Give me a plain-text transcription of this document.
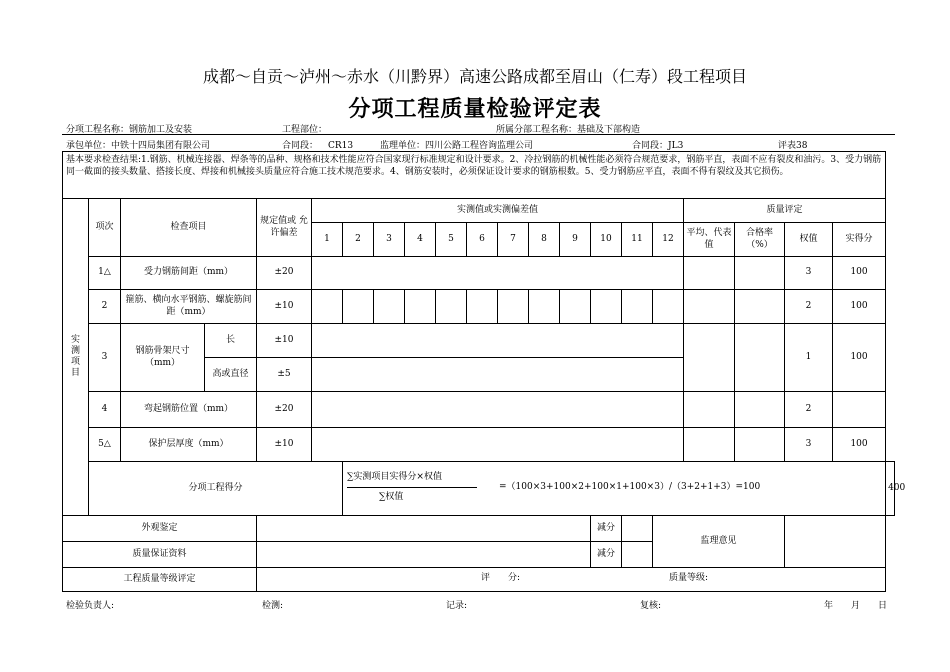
成都～自贡～泸州～赤水（川黔界）高速公路成都至眉山（仁寿）段工程项目
分项工程质量检验评定表
分项工程名称：钢筋加工及安装	工程部位：	所属分部工程名称：基础及下部构造
承包单位：中铁十四局集团有限公司	合同段： CR13	监理单位：四川公路工程咨询监理公司	合同段：JL3	评表38
基本要求检查结果:1.钢筋、机械连接器、焊条等的品种、规格和技术性能应符合国家现行标准规定和设计要求。2、冷拉钢筋的机械性能必须符合规范要求，钢筋平直，表面不应有裂皮和油污。3、受力钢筋同一截面的接头数量、搭接长度、焊接和机械接头质量应符合施工技术规范要求。4、钢筋安装时，必须保证设计要求的钢筋根数。5、受力钢筋应平直，表面不得有裂纹及其它损伤。																					
实
测
项
目	项次	检查项目		规定值或 允许偏差	实测值或实测偏差值												质量评定				
					1	2	3	4	5	6	7	8	9	10	11	12	平均、代表值	合格率（%）	权值	实得分	
	1△	受力钢筋间距（mm）		±20															3	100	
	2	箍筋、横向水平钢筋、螺旋筋间距（mm）		±10															2	100	
	3	钢筋骨架尺寸（mm）	长	±10															1	100	
			高或直径	±5																	
	4	弯起钢筋位置（mm）		±20															2		
	5△	保护层厚度（mm）		±10															3	100	
	分项工程得分					∑实测项目实得分×权值
∑权值
=（100×3+100×2+100×1+100×3）/（3+2+1+3）=100															400
外观鉴定														减分		监理意见					
质量保证资料														减分							
工程质量等级评定				评　　分: 质量等级:																	
检验负责人:	检测:	记录:	复核:	年　　月　　日
